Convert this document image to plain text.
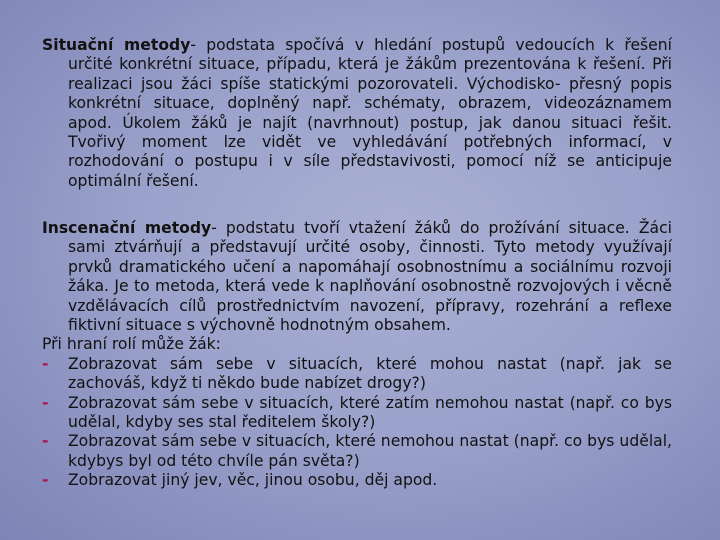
Situační metody- podstata spočívá v hledání postupů vedoucích k řešení určité konkrétní situace, případu, která je žákům prezentována k řešení. Při realizaci jsou žáci spíše statickými pozorovateli. Východisko- přesný popis konkrétní situace, doplněný např. schématy, obrazem, videozáznamem apod. Úkolem žáků je najít (navrhnout) postup, jak danou situaci řešit. Tvořivý moment lze vidět ve vyhledávání potřebných informací, v rozhodování o postupu i v síle představivosti, pomocí níž se anticipuje optimální řešení.

Inscenační metody- podstatu tvoří vtažení žáků do prožívání situace. Žáci sami ztvárňují a představují určité osoby, činnosti. Tyto metody využívají prvků dramatického učení a napomáhají osobnostnímu a sociálnímu rozvoji žáka. Je to metoda, která vede k naplňování osobnostně rozvojových i věcně vzdělávacích cílů prostřednictvím navození, přípravy, rozehrání a reflexe fiktivní situace s výchovně hodnotným obsahem.

Při hraní rolí může žák:

- Zobrazovat sám sebe v situacích, které mohou nastat (např. jak se zachováš, když ti někdo bude nabízet drogy?)

- Zobrazovat sám sebe v situacích, které zatím nemohou nastat (např. co bys udělal, kdyby ses stal ředitelem školy?)

- Zobrazovat sám sebe v situacích, které nemohou nastat (např. co bys udělal, kdybys byl od této chvíle pán světa?)

- Zobrazovat jiný jev, věc, jinou osobu, děj apod.
